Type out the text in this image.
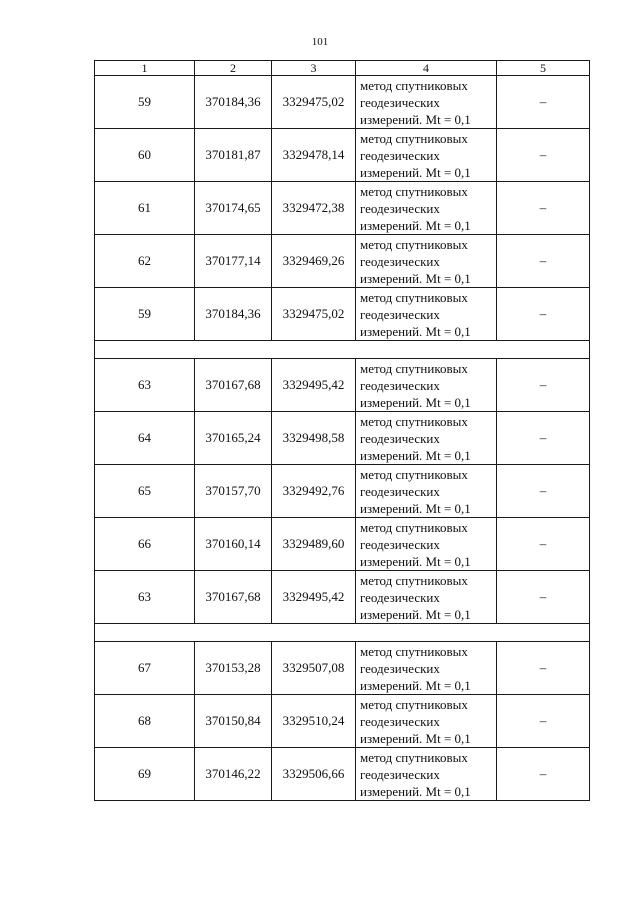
101
1	2	3	4	5
59	370184,36	3329475,02	метод спутниковых
геодезических
измерений. Mt = 0,1	–
60	370181,87	3329478,14	метод спутниковых
геодезических
измерений. Mt = 0,1	–
61	370174,65	3329472,38	метод спутниковых
геодезических
измерений. Mt = 0,1	–
62	370177,14	3329469,26	метод спутниковых
геодезических
измерений. Mt = 0,1	–
59	370184,36	3329475,02	метод спутниковых
геодезических
измерений. Mt = 0,1	–

63	370167,68	3329495,42	метод спутниковых
геодезических
измерений. Mt = 0,1	–
64	370165,24	3329498,58	метод спутниковых
геодезических
измерений. Mt = 0,1	–
65	370157,70	3329492,76	метод спутниковых
геодезических
измерений. Mt = 0,1	–
66	370160,14	3329489,60	метод спутниковых
геодезических
измерений. Mt = 0,1	–
63	370167,68	3329495,42	метод спутниковых
геодезических
измерений. Mt = 0,1	–

67	370153,28	3329507,08	метод спутниковых
геодезических
измерений. Mt = 0,1	–
68	370150,84	3329510,24	метод спутниковых
геодезических
измерений. Mt = 0,1	–
69	370146,22	3329506,66	метод спутниковых
геодезических
измерений. Mt = 0,1	–
